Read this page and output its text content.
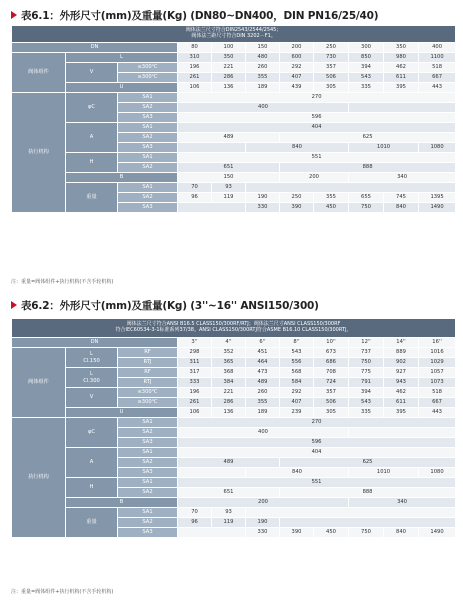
表6.1：外形尺寸(mm)及重量(Kg) (DN80~DN400，DIN PN16/25/40)
阀体法兰尺寸符合DIN2543/2544/2545；
阀体法兰距尺寸符合DIN 3202－F1。										
DN			80	100	150	200	250	300	350	400
阀体组件	L		310	350	480	600	730	850	980	1100
	V	≤300℃	196	221	260	292	357	394	462	518
		≥300℃	261	286	355	407	506	543	611	667
	U		106	136	189	439	305	335	395	443
执行机构	φC	SA1	270							
		SA2	400							
		SA3	596							
	A	SA1	404							
		SA2	489			625				
		SA3			840			1010		1080
	H	SA1	551							
		SA2	651			888				
	B		150			200		340		
	重量	SA1	70	93						
		SA2	96	119	190	250	355	655	745	1395
		SA3			330	390	450	750	840	1490
注：重量=阀体组件+执行机构(不含手轮机构)
表6.2：外形尺寸(mm)及重量(Kg) (3''~16'' ANSI150/300)
阀体法兰尺寸符合ANSI B16.5 CLASS150/300RF/RTJ；阀体法兰尺寸ANSI CLASS150/300RF
符合IEC60534-3-1标准系列37/38。ANSI CLASS150/300RTJ符合ASME B16.10 CLASS150/300RTJ。										
DN			3''	4''	6''	8''	10''	12''	14''	16''
阀体组件	L
Cl.150	RF	298	352	451	543	673	737	889	1016
		RTJ	311	365	464	556	686	750	902	1029
	L
Cl.300	RF	317	368	473	568	708	775	927	1057
		RTJ	333	384	489	584	724	791	943	1073
	V	≤300℃	196	221	260	292	357	394	462	518
		≥300℃	261	286	355	407	506	543	611	667
	U		106	136	189	239	305	335	395	443
执行机构	φC	SA1	270							
		SA2	400							
		SA3	596							
	A	SA1	404							
		SA2	489			625				
		SA3			840			1010		1080
	H	SA1	551							
		SA2	651			888				
	B		200					340		
	重量	SA1	70	93						
		SA2	96	119	190					
		SA3			330	390	450	750	840	1490
注：重量=阀体组件+执行机构(不含手轮机构)
